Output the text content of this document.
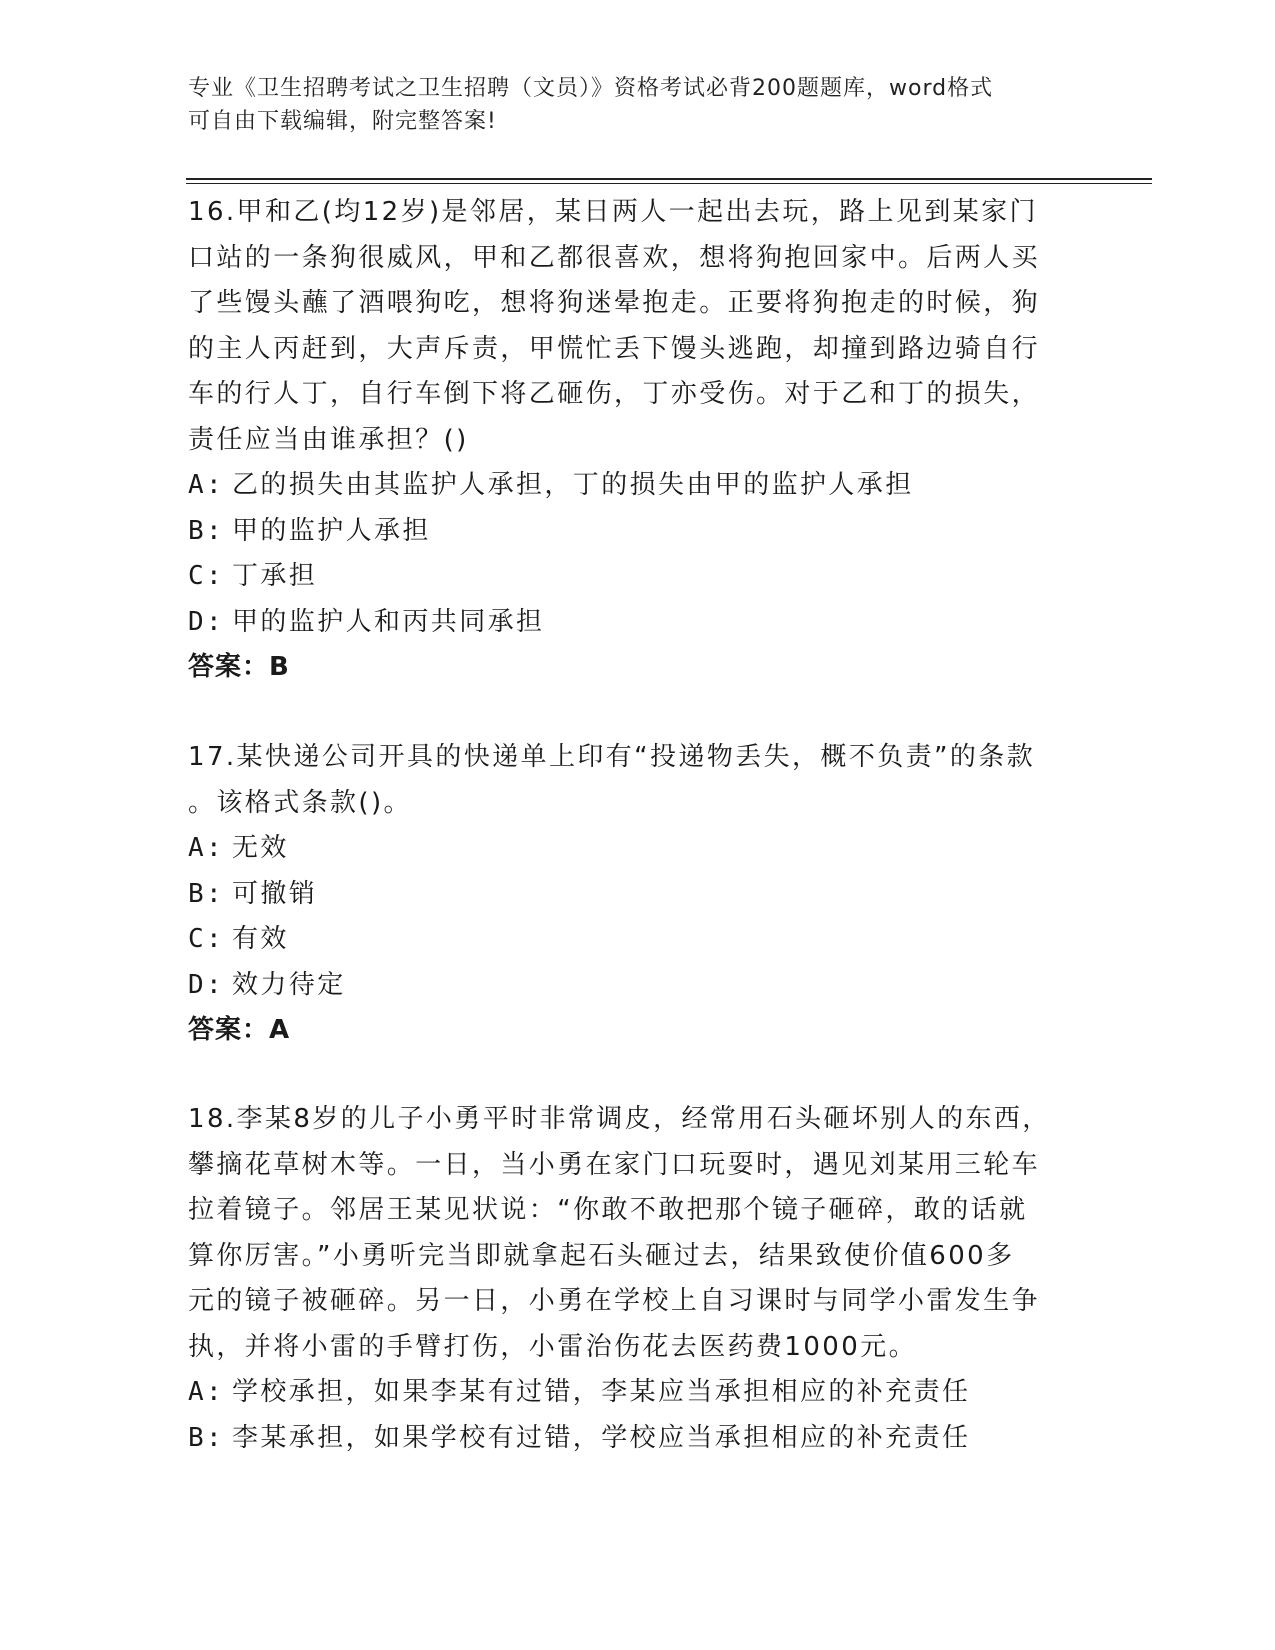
专业《卫生招聘考试之卫生招聘（文员）》资格考试必背200题题库，word格式
可自由下载编辑，附完整答案!

16.甲和乙(均12岁)是邻居，某日两人一起出去玩，路上见到某家门

口站的一条狗很威风，甲和乙都很喜欢，想将狗抱回家中。后两人买

了些馒头蘸了酒喂狗吃，想将狗迷晕抱走。正要将狗抱走的时候，狗

的主人丙赶到，大声斥责，甲慌忙丢下馒头逃跑，却撞到路边骑自行

车的行人丁，自行车倒下将乙砸伤，丁亦受伤。对于乙和丁的损失，

责任应当由谁承担？()

A: 乙的损失由其监护人承担，丁的损失由甲的监护人承担

B: 甲的监护人承担

C: 丁承担

D: 甲的监护人和丙共同承担

答案：B

17.某快递公司开具的快递单上印有“投递物丢失，概不负责”的条款

。该格式条款()。

A: 无效

B: 可撤销

C: 有效

D: 效力待定

答案：A

18.李某8岁的儿子小勇平时非常调皮，经常用石头砸坏别人的东西，

攀摘花草树木等。一日，当小勇在家门口玩耍时，遇见刘某用三轮车

拉着镜子。邻居王某见状说：“你敢不敢把那个镜子砸碎，敢的话就

算你厉害。”小勇听完当即就拿起石头砸过去，结果致使价值600多

元的镜子被砸碎。另一日，小勇在学校上自习课时与同学小雷发生争

执，并将小雷的手臂打伤，小雷治伤花去医药费1000元。

A: 学校承担，如果李某有过错，李某应当承担相应的补充责任

B: 李某承担，如果学校有过错，学校应当承担相应的补充责任
